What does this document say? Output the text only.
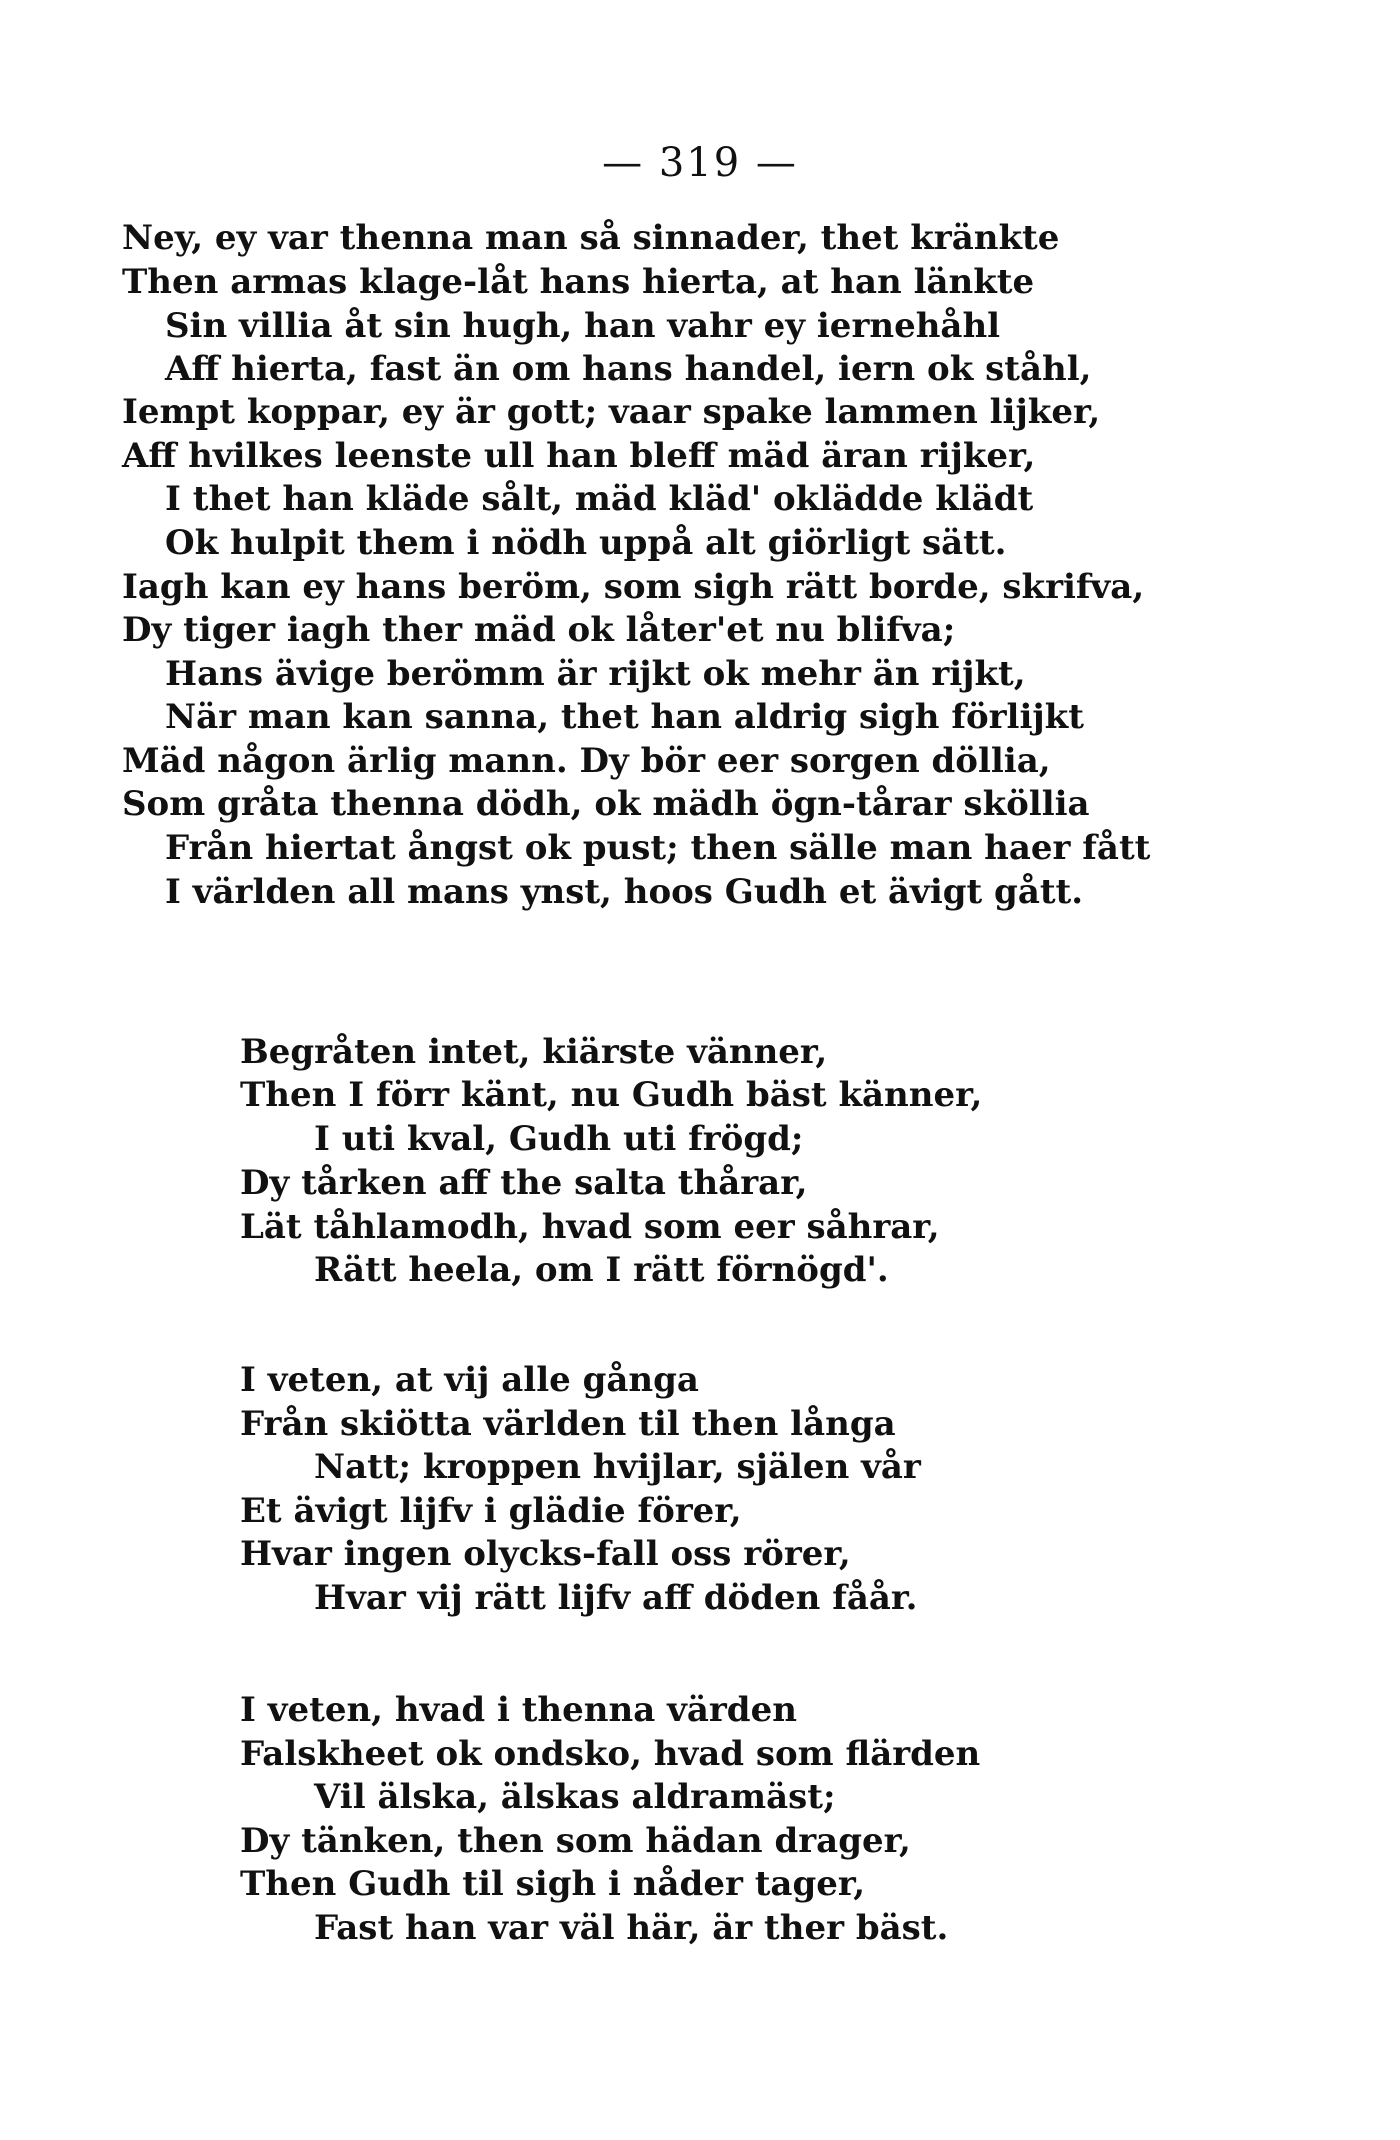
— 319 —
Ney, ey var thenna man så sinnader, thet kränkte
Then armas klage-låt hans hierta, at han länkte
Sin villia åt sin hugh, han vahr ey iernehåhl
Aff hierta, fast än om hans handel, iern ok ståhl,
Iempt koppar, ey är gott; vaar spake lammen lijker,
Aff hvilkes leenste ull han bleff mäd äran rijker,
I thet han kläde sålt, mäd kläd' oklädde klädt
Ok hulpit them i nödh uppå alt giörligt sätt.
Iagh kan ey hans beröm, som sigh rätt borde, skrifva,
Dy tiger iagh ther mäd ok låter'et nu blifva;
Hans ävige berömm är rijkt ok mehr än rijkt,
När man kan sanna, thet han aldrig sigh förlijkt
Mäd någon ärlig mann. Dy bör eer sorgen döllia,
Som gråta thenna dödh, ok mädh ögn-tårar sköllia
Från hiertat ångst ok pust; then sälle man haer fått
I världen all mans ynst, hoos Gudh et ävigt gått.
Begråten intet, kiärste vänner,
Then I förr känt, nu Gudh bäst känner,
I uti kval, Gudh uti frögd;
Dy tårken aff the salta thårar,
Lät tåhlamodh, hvad som eer såhrar,
Rätt heela, om I rätt förnögd'.
I veten, at vij alle gånga
Från skiötta världen til then långa
Natt; kroppen hvijlar, själen vår
Et ävigt lijfv i glädie förer,
Hvar ingen olycks-fall oss rörer,
Hvar vij rätt lijfv aff döden fåår.
I veten, hvad i thenna värden
Falskheet ok ondsko, hvad som flärden
Vil älska, älskas aldramäst;
Dy tänken, then som hädan drager,
Then Gudh til sigh i nåder tager,
Fast han var väl här, är ther bäst.
